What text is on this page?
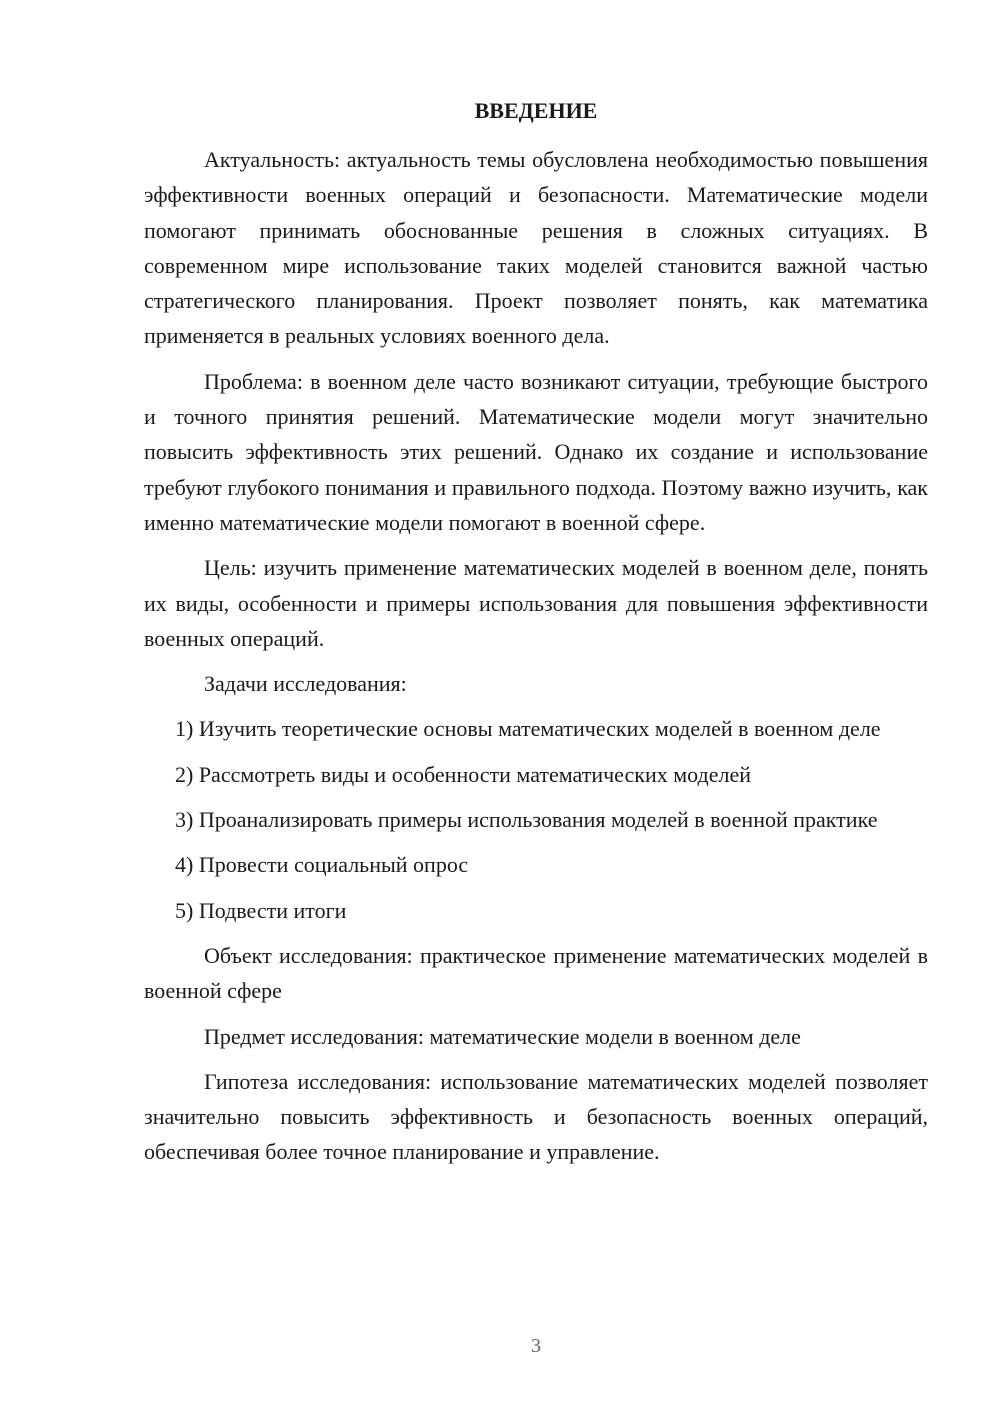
ВВЕДЕНИЕ

Актуальность: актуальность темы обусловлена необходимостью повышения эффективности военных операций и безопасности. Математические модели помогают принимать обоснованные решения в сложных ситуациях. В современном мире использование таких моделей становится важной частью стратегического планирования. Проект позволяет понять, как математика применяется в реальных условиях военного дела.

Проблема: в военном деле часто возникают ситуации, требующие быстрого и точного принятия решений. Математические модели могут значительно повысить эффективность этих решений. Однако их создание и использование требуют глубокого понимания и правильного подхода. Поэтому важно изучить, как именно математические модели помогают в военной сфере.

Цель: изучить применение математических моделей в военном деле, понять их виды, особенности и примеры использования для повышения эффективности военных операций.

Задачи исследования:

1) Изучить теоретические основы математических моделей в военном деле

2) Рассмотреть виды и особенности математических моделей

3) Проанализировать примеры использования моделей в военной практике

4) Провести социальный опрос

5) Подвести итоги

Объект исследования: практическое применение математических моделей в военной сфере

Предмет исследования: математические модели в военном деле

Гипотеза исследования: использование математических моделей позволяет значительно повысить эффективность и безопасность военных операций, обеспечивая более точное планирование и управление.

3
